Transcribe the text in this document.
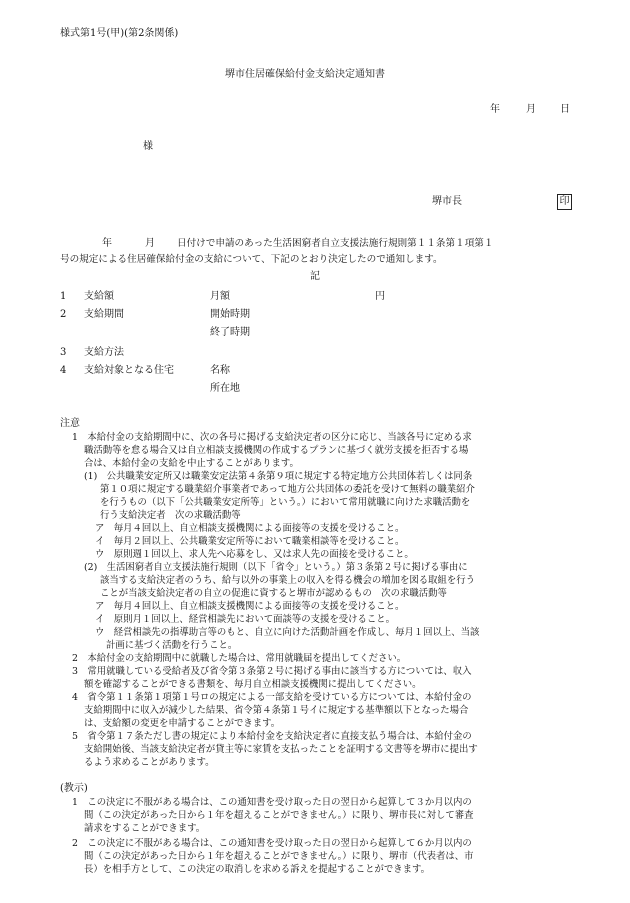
様式第1号(甲)(第2条関係)
堺市住居確保給付金支給決定通知書
年	月 日
様
堺市長	印
年	月 日付けで申請のあった生活困窮者自立支援法施行規則第１１条第１項第１
号の規定による住居確保給付金の支給について、下記のとおり決定したので通知します。
記
1 支給額	月額	円
2 支給期間	開始時期
終了時期
3 支給方法
4 支給対象となる住宅	名称
所在地
注意
1　本給付金の支給期間中に、次の各号に掲げる支給決定者の区分に応じ、当該各号に定める求
職活動等を怠る場合又は自立相談支援機関の作成するプランに基づく就労支援を拒否する場
合は、本給付金の支給を中止することがあります。
(1)　公共職業安定所又は職業安定法第４条第９項に規定する特定地方公共団体若しくは同条
第１０項に規定する職業紹介事業者であって地方公共団体の委託を受けて無料の職業紹介
を行うもの（以下「公共職業安定所等」という。）において常用就職に向けた求職活動を
行う支給決定者　次の求職活動等
ア　毎月４回以上、自立相談支援機関による面接等の支援を受けること。
イ　毎月２回以上、公共職業安定所等において職業相談等を受けること。
ウ　原則週１回以上、求人先へ応募をし、又は求人先の面接を受けること。
(2)　生活困窮者自立支援法施行規則（以下「省令」という。）第３条第２号に掲げる事由に
該当する支給決定者のうち、給与以外の事業上の収入を得る機会の増加を図る取組を行う
ことが当該支給決定者の自立の促進に資すると堺市が認めるもの　次の求職活動等
ア　毎月４回以上、自立相談支援機関による面接等の支援を受けること。
イ　原則月１回以上、経営相談先において面談等の支援を受けること。
ウ　経営相談先の指導助言等のもと、自立に向けた活動計画を作成し、毎月１回以上、当該
計画に基づく活動を行うこと。
2　本給付金の支給期間中に就職した場合は、常用就職届を提出してください。
3　常用就職している受給者及び省令第３条第２号に掲げる事由に該当する方については、収入
額を確認することができる書類を、毎月自立相談支援機関に提出してください。
4　省令第１１条第１項第１号ロの規定による一部支給を受けている方については、本給付金の
支給期間中に収入が減少した結果、省令第４条第１号イに規定する基準額以下となった場合
は、支給額の変更を申請することができます。
5　省令第１７条ただし書の規定により本給付金を支給決定者に直接支払う場合は、本給付金の
支給開始後、当該支給決定者が貸主等に家賃を支払ったことを証明する文書等を堺市に提出す
るよう求めることがあります。
(教示)
1　この決定に不服がある場合は、この通知書を受け取った日の翌日から起算して３か月以内の
間（この決定があった日から１年を超えることができません。）に限り、堺市長に対して審査
請求をすることができます。
2　この決定に不服がある場合は、この通知書を受け取った日の翌日から起算して６か月以内の
間（この決定があった日から１年を超えることができません。）に限り、堺市（代表者は、市
長）を相手方として、この決定の取消しを求める訴えを提起することができます。
